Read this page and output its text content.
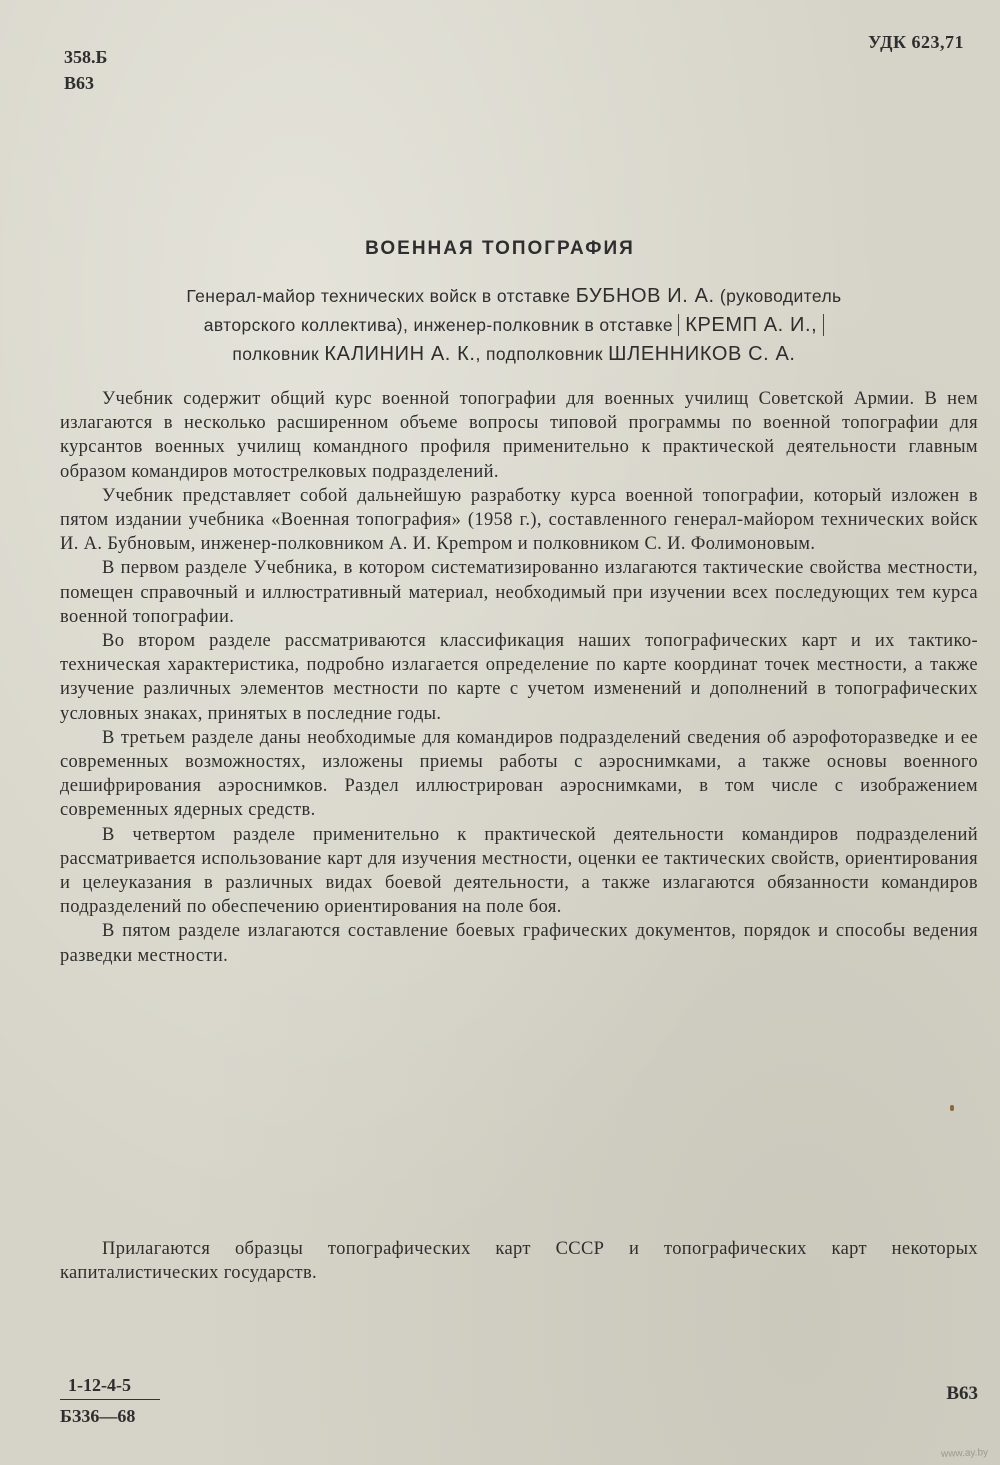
358.Б
В63
УДК 623,71
ВОЕННАЯ ТОПОГРАФИЯ
Генерал-майор технических войск в отставке БУБНОВ И. А. (руководитель
авторского коллектива), инженер-полковник в отставке КРЕМП А. И.,
полковник КАЛИНИН А. К., подполковник ШЛЕННИКОВ С. А.

Учебник содержит общий курс военной топографии для военных училищ Советской Армии. В нем излагаются в несколько расширенном объеме вопросы типовой программы по военной топографии для курсантов военных училищ командного профиля применительно к практической деятельности главным образом командиров мотострелковых подразделений.

Учебник представляет собой дальнейшую разработку курса военной топографии, который изложен в пятом издании учебника «Военная топография» (1958 г.), составленного генерал-майором технических войск И. А. Бубновым, инженер-полковником А. И. Крempом и полковником С. И. Фолимоновым.

В первом разделе Учебника, в котором систематизированно излагаются тактические свойства местности, помещен справочный и иллюстративный материал, необходимый при изучении всех последующих тем курса военной топографии.

Во втором разделе рассматриваются классификация наших топографических карт и их тактико-техническая характеристика, подробно излагается определение по карте координат точек местности, а также изучение различных элементов местности по карте с учетом изменений и дополнений в топографических условных знаках, принятых в последние годы.

В третьем разделе даны необходимые для командиров подразделений сведения об аэрофоторазведке и ее современных возможностях, изложены приемы работы с аэроснимками, а также основы военного дешифрирования аэроснимков. Раздел иллюстрирован аэроснимками, в том числе с изображением современных ядерных средств.

В четвертом разделе применительно к практической деятельности командиров подразделений рассматривается использование карт для изучения местности, оценки ее тактических свойств, ориентирования и целеуказания в различных видах боевой деятельности, а также излагаются обязанности командиров подразделений по обеспечению ориентирования на поле боя.

В пятом разделе излагаются составление боевых графических документов, порядок и способы ведения разведки местности.

Прилагаются образцы топографических карт СССР и топографических карт некоторых капиталистических государств.
1-12-4-5
БЗ36—68
В63
www.ay.by
